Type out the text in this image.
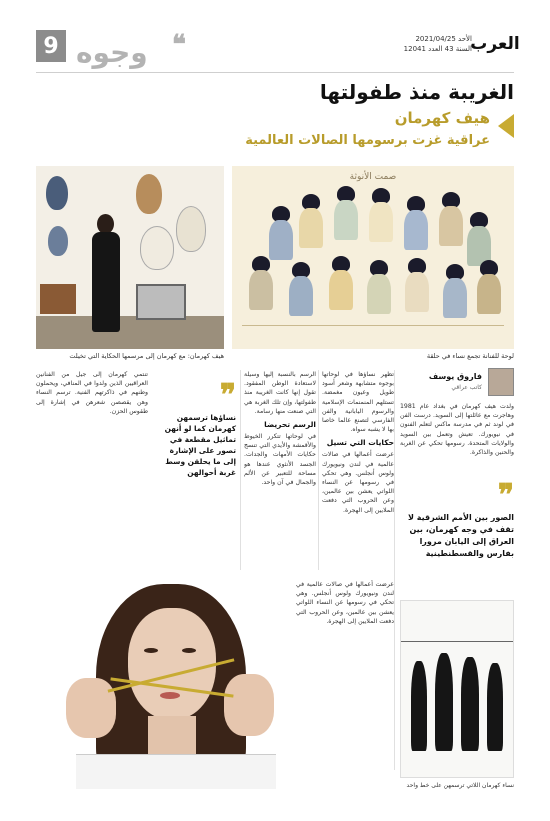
9 وجوه ❝	الأحد 2021/04/25
السنة 43 العدد 12041
العرب
الغريبة منذ طفولتها
هيف كهرمان
عراقية غزت برسومها الصالات العالمية
صمت الأنوثة
هيف كهرمان: مع كهرمان إلى مرسمها الحكاية التي تخيلت	لوحة للفنانة تجمع نساء في حلقة
فاروق يوسف
كاتب عراقي

ولدت هيف كهرمان في بغداد عام 1981 وهاجرت مع عائلتها إلى السويد. درست الفن في لوند ثم في مدرسة ماكس لتعلم الفنون في نيويورك. تعيش وتعمل بين السويد والولايات المتحدة. رسومها تحكي عن الغربة والحنين والذاكرة.

❞
الصور بين الأمم الشرقية لا تقف في وجه كهرمان، بين العراق إلى اليابان مرورا بفارس والقسطنطينية

تظهر نساؤها في لوحاتها بوجوه متشابهة وشعر أسود طويل وعيون مغمضة. تستلهم المنمنمات الإسلامية والرسوم اليابانية والفن الفارسي لتصنع عالما خاصا بها لا يشبه سواه.

حكايات التي تسيل

عرضت أعمالها في صالات عالمية في لندن ونيويورك ولوس أنجلس. وهي تحكي في رسومها عن النساء اللواتي يعشن بين عالمين، وعن الحروب التي دفعت الملايين إلى الهجرة.

الرسم بالنسبة إليها وسيلة لاستعادة الوطن المفقود. تقول إنها كانت الغريبة منذ طفولتها، وإن تلك الغربة هي التي صنعت منها رسامة.

الرسم تحريضا

في لوحاتها تتكرر الخيوط والأقمشة والأيدي التي تنسج حكايات الأمهات والجدات. الجسد الأنثوي عندها هو مساحة للتعبير عن الألم والجمال في آن واحد.

❞
نساؤها ترسمهن كهرمان كما لو أنهن تماثيل مقطعة في تصور على الإشارة إلى ما يحلقن وسط غربة أحوالهن

تنتمي كهرمان إلى جيل من الفنانين العراقيين الذين ولدوا في المنافي، ويحملون وطنهم في ذاكرتهم الفنية. ترسم النساء وهن يقصصن شعرهن في إشارة إلى طقوس الحزن.

عرضت أعمالها في صالات عالمية في لندن ونيويورك ولوس أنجلس. وهي تحكي في رسومها عن النساء اللواتي يعشن بين عالمين، وعن الحروب التي دفعت الملايين إلى الهجرة.

نساء كهرمان اللاتي ترسمهن على خط واحد
